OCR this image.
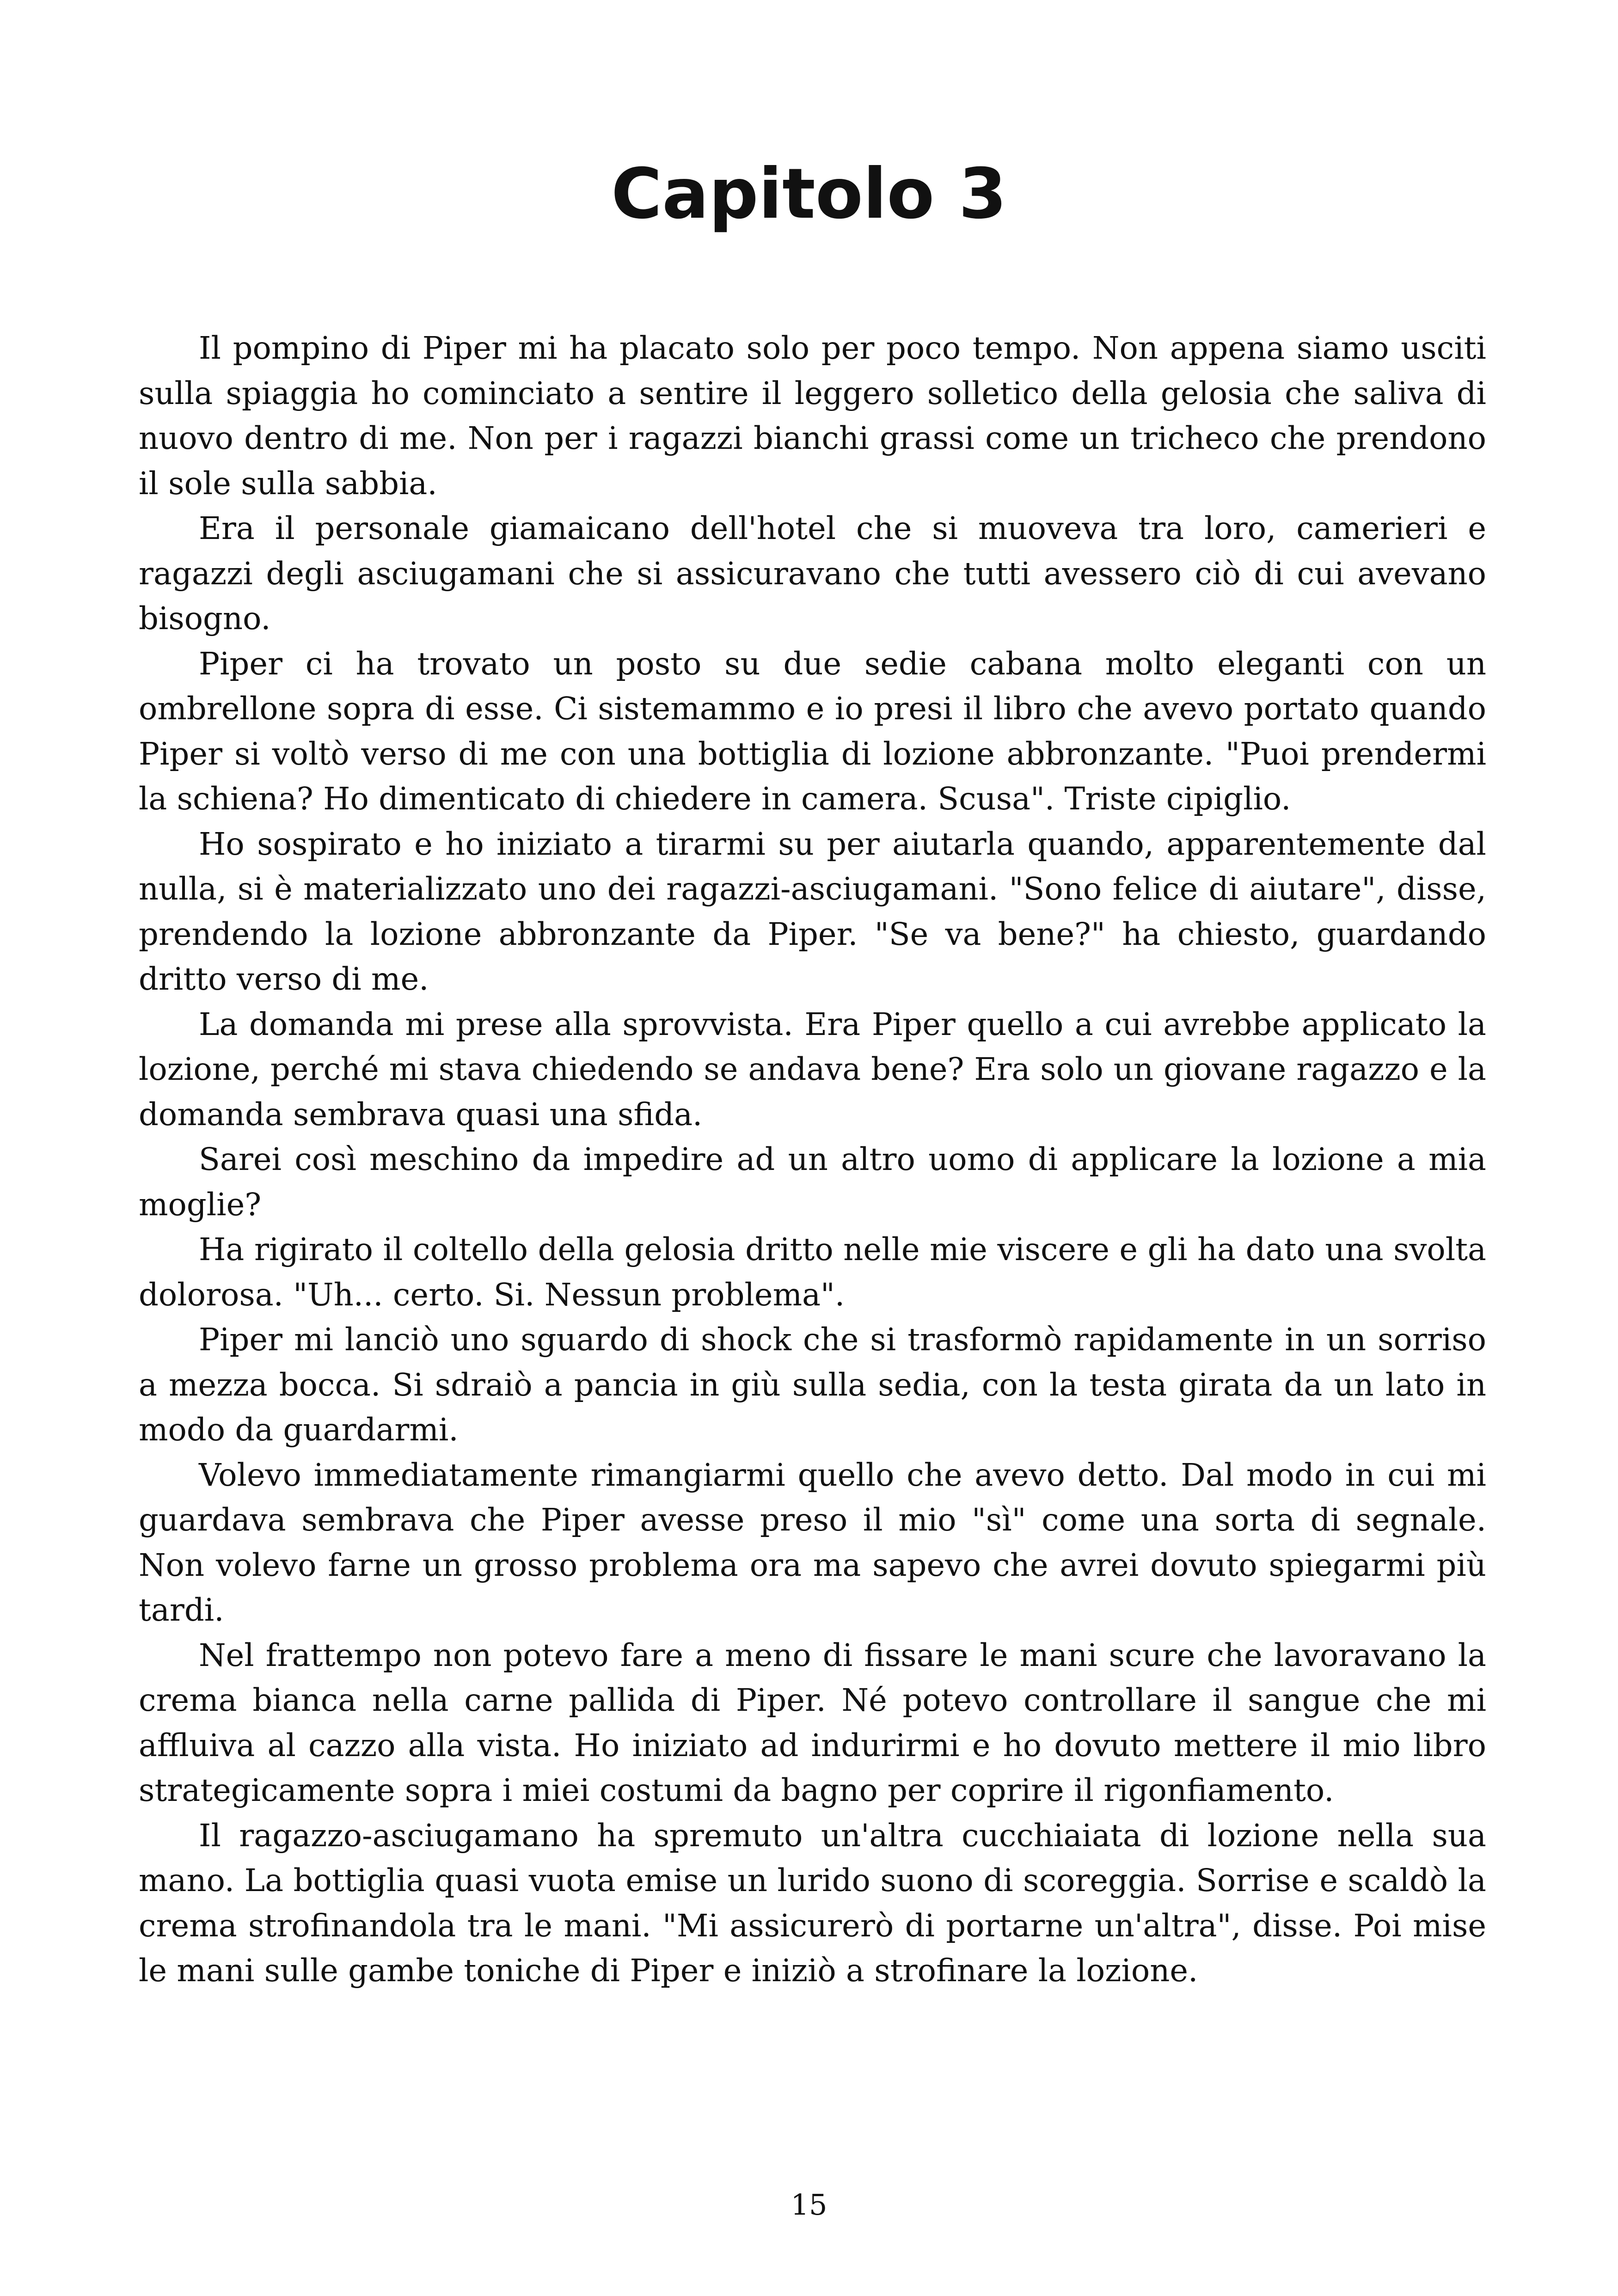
Capitolo 3

Il pompino di Piper mi ha placato solo per poco tempo. Non appena siamo usciti sulla spiaggia ho cominciato a sentire il leggero solletico della gelosia che saliva di nuovo dentro di me. Non per i ragazzi bianchi grassi come un tricheco che prendono il sole sulla sabbia.

Era il personale giamaicano dell'hotel che si muoveva tra loro, camerieri e ragazzi degli asciugamani che si assicuravano che tutti avessero ciò di cui avevano bisogno.

Piper ci ha trovato un posto su due sedie cabana molto eleganti con un ombrellone sopra di esse. Ci sistemammo e io presi il libro che avevo portato quando Piper si voltò verso di me con una bottiglia di lozione abbronzante. "Puoi prendermi la schiena? Ho dimenticato di chiedere in camera. Scusa". Triste cipiglio.

Ho sospirato e ho iniziato a tirarmi su per aiutarla quando, apparentemente dal nulla, si è materializzato uno dei ragazzi-asciugamani. "Sono felice di aiutare", disse, prendendo la lozione abbronzante da Piper. "Se va bene?" ha chiesto, guardando dritto verso di me.

La domanda mi prese alla sprovvista. Era Piper quello a cui avrebbe applicato la lozione, perché mi stava chiedendo se andava bene? Era solo un giovane ragazzo e la domanda sembrava quasi una sfida.

Sarei così meschino da impedire ad un altro uomo di applicare la lozione a mia moglie?

Ha rigirato il coltello della gelosia dritto nelle mie viscere e gli ha dato una svolta dolorosa. "Uh... certo. Si. Nessun problema".

Piper mi lanciò uno sguardo di shock che si trasformò rapidamente in un sorriso a mezza bocca. Si sdraiò a pancia in giù sulla sedia, con la testa girata da un lato in modo da guardarmi.

Volevo immediatamente rimangiarmi quello che avevo detto. Dal modo in cui mi guardava sembrava che Piper avesse preso il mio "sì" come una sorta di segnale. Non volevo farne un grosso problema ora ma sapevo che avrei dovuto spiegarmi più tardi.

Nel frattempo non potevo fare a meno di fissare le mani scure che lavoravano la crema bianca nella carne pallida di Piper. Né potevo controllare il sangue che mi affluiva al cazzo alla vista. Ho iniziato ad indurirmi e ho dovuto mettere il mio libro strategicamente sopra i miei costumi da bagno per coprire il rigonfiamento.

Il ragazzo-asciugamano ha spremuto un'altra cucchiaiata di lozione nella sua mano. La bottiglia quasi vuota emise un lurido suono di scoreggia. Sorrise e scaldò la crema strofinandola tra le mani. "Mi assicurerò di portarne un'altra", disse. Poi mise le mani sulle gambe toniche di Piper e iniziò a strofinare la lozione.

15
